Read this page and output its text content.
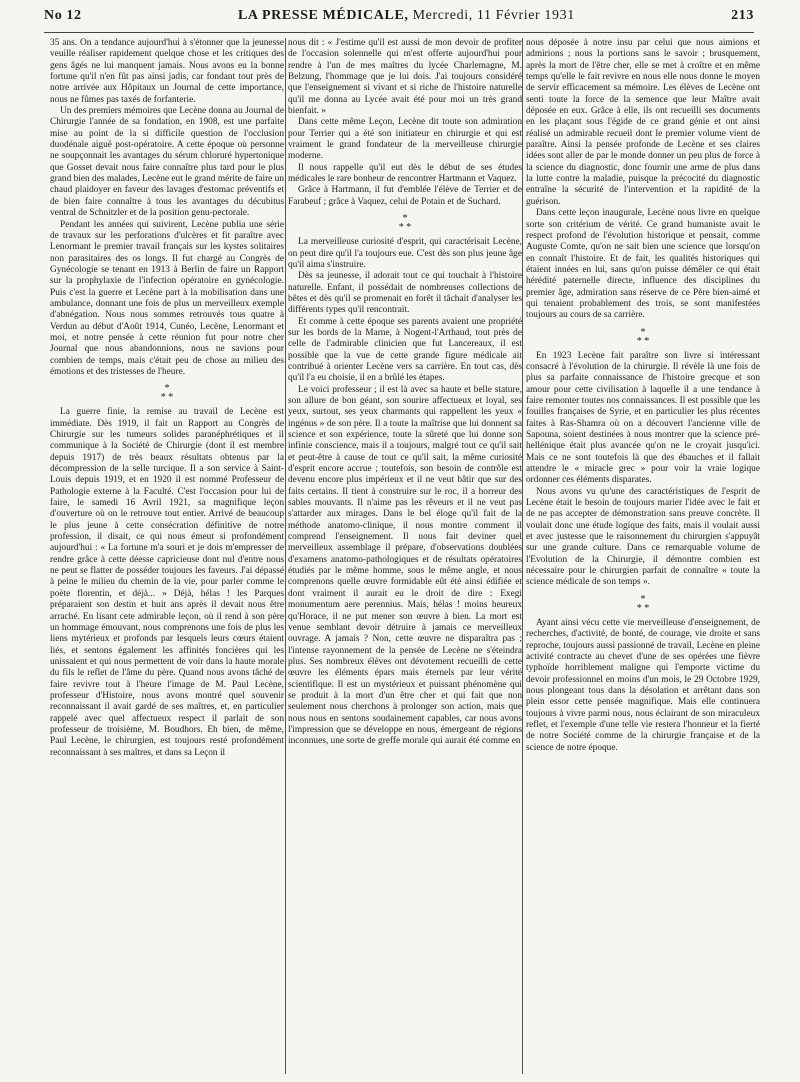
No 12	LA PRESSE MÉDICALE, Mercredi, 11 Février 1931	213

35 ans. On a tendance aujourd'hui à s'étonner que la jeunesse veuille réaliser rapidement quelque chose et les critiques des gens âgés ne lui manquent jamais. Nous avons eu la bonne fortune qu'il n'en fût pas ainsi jadis, car fondant tout près de notre arrivée aux Hôpitaux un Journal de cette importance, nous ne fûmes pas taxés de forfanterie.

Un des premiers mémoires que Lecène donna au Journal de Chirurgie l'année de sa fondation, en 1908, est une parfaite mise au point de la si difficile question de l'occlusion duodénale aiguë post-opératoire. A cette époque où personne ne soupçonnait les avantages du sérum chloruré hypertonique que Gosset devait nous faire connaître plus tard pour le plus grand bien des malades, Lecène eut le grand mérite de faire un chaud plaidoyer en faveur des lavages d'estomac préventifs et de bien faire connaître à tous les avantages du décubitus ventral de Schnitzler et de la position genu-pectorale.

Pendant les années qui suivirent, Lecène publia une série de travaux sur les perforations d'ulcères et fit paraître avec Lenormant le premier travail français sur les kystes solitaires non parasitaires des os longs. Il fut chargé au Congrès de Gynécologie se tenant en 1913 à Berlin de faire un Rapport sur la prophylaxie de l'infection opératoire en gynécologie. Puis c'est la guerre et Lecène part à la mobilisation dans une ambulance, donnant une fois de plus un merveilleux exemple d'abnégation. Nous nous sommes retrouvés tous quatre à Verdun au début d'Août 1914, Cunéo, Lecène, Lenormant et moi, et notre pensée à cette réunion fut pour notre cher Journal que nous abandonnions, nous ne savions pour combien de temps, mais c'était peu de chose au milieu des émotions et des tristesses de l'heure.

*
* *

La guerre finie, la remise au travail de Lecène est immédiate. Dès 1919, il fait un Rapport au Congrès de Chirurgie sur les tumeurs solides paranéphrétiques et il communique à la Société de Chirurgie (dont il est membre depuis 1917) de très beaux résultats obtenus par la décompression de la selle turcique. Il a son service à Saint-Louis depuis 1919, et en 1920 il est nommé Professeur de Pathologie externe à la Faculté. C'est l'occasion pour lui de faire, le samedi 16 Avril 1921, sa magnifique leçon d'ouverture où on le retrouve tout entier. Arrivé de beaucoup le plus jeune à cette consécration définitive de notre profession, il disait, ce qui nous émeut si profondément aujourd'hui : « La fortune m'a souri et je dois m'empresser de rendre grâce à cette déesse capricieuse dont nul d'entre nous ne peut se flatter de posséder toujours les faveurs. J'ai dépassé à peine le milieu du chemin de la vie, pour parler comme le poète florentin, et déjà... » Déjà, hélas ! les Parques préparaient son destin et huit ans après il devait nous être arraché. En lisant cete admirable leçon, où il rend à son père un hommage émouvant, nous comprenons une fois de plus les liens mytérieux et profonds par lesquels leurs cœurs étaient liés, et sentons également les affinités foncières qui les unissaient et qui nous permettent de voir dans la haute morale du fils le reflet de l'âme du père. Quand nous avons tâché de faire revivre tout à l'heure l'image de M. Paul Lecène, professeur d'Histoire, nous avons montré quel souvenir reconnaissant il avait gardé de ses maîtres, et, en particulier rappelé avec quel affectueux respect il parlait de son professeur de troisième, M. Boudhors. Eh bien, de même, Paul Lecène, le chirurgien, est toujours resté profondément reconnaissant à ses maîtres, et dans sa Leçon il

nous dit : « J'estime qu'il est aussi de mon devoir de profiter de l'occasion solennelle qui m'est offerte aujourd'hui pour rendre à l'un de mes maîtres du lycée Charlemagne, M. Belzung, l'hommage que je lui dois. J'ai toujours considéré que l'enseignement si vivant et si riche de l'histoire naturelle qu'il me donna au Lycée avait été pour moi un très grand bienfait. »

Dans cette même Leçon, Lecène dit toute son admiration pour Terrier qui a été son initiateur en chirurgie et qui est vraiment le grand fondateur de la merveilleuse chirurgie moderne.

Il nous rappelle qu'il eut dès le début de ses études médicales le rare bonheur de rencontrer Hartmann et Vaquez.

Grâce à Hartmann, il fut d'emblée l'élève de Terrier et de Farabeuf ; grâce à Vaquez, celui de Potain et de Suchard.

*
* *

La merveilleuse curiosité d'esprit, qui caractérisait Lecène, on peut dire qu'il l'a toujours eue. C'est dès son plus jeune âge qu'il aima s'instruire.

Dès sa jeunesse, il adorait tout ce qui touchait à l'histoire naturelle. Enfant, il possédait de nombreuses collections de bêtes et dès qu'il se promenait en forêt il tâchait d'analyser les différents types qu'il rencontrait.

Et comme à cette époque ses parents avaient une propriété sur les bords de la Marne, à Nogent-l'Arthaud, tout près de celle de l'admirable clinicien que fut Lancereaux, il est possible que la vue de cette grande figure médicale ait contribué à orienter Lecène vers sa carrière. En tout cas, dès qu'il l'a eu choisie, il en a brûlé les étapes.

Le voici professeur ; il est là avec sa haute et belle stature, son allure de bon géant, son sourire affectueux et loyal, ses yeux, surtout, ses yeux charmants qui rappellent les yeux « ingénus » de son père. Il a toute la maîtrise que lui donnent sa science et son expérience, toute la sûreté que lui donne son infinie conscience, mais il a toujours, malgré tout ce qu'il sait et peut-être à cause de tout ce qu'il sait, la même curiosité d'esprit encore accrue ; toutefois, son besoin de contrôle est devenu encore plus impérieux et il ne veut bâtir que sur des faits certains. Il tient à construire sur le roc, il a horreur des sables mouvants. Il n'aime pas les rêveurs et il ne veut pas s'attarder aux mirages. Dans le bel éloge qu'il fait de la méthode anatomo-clinique, il nous montre comment il comprend l'enseignement. Il nous fait deviner quel merveilleux assemblage il prépare, d'observations doublées d'examens anatomo-pathologiques et de résultats opératoires étudiés par le même homme, sous le même angle, et nous comprenons quelle œuvre formidable eût été ainsi édifiée et dont vraiment il aurait eu le droit de dire : Exegi monumentum aere perennius. Mais, hélas ! moins heureux qu'Horace, il ne put mener son œuvre à bien. La mort est venue semblant devoir détruire à jamais ce merveilleux ouvrage. A jamais ? Non, cette œuvre ne disparaîtra pas ; l'intense rayonnement de la pensée de Lecène ne s'éteindra plus. Ses nombreux élèves ont dévotement recueilli de cette œuvre les éléments épars mais éternels par leur vérité scientifique. Il est un mystérieux et puissant phénomène qui se produit à la mort d'un être cher et qui fait que non seulement nous cherchons à prolonger son action, mais que nous nous en sentons soudainement capables, car nous avons l'impression que se développe en nous, émergeant de régions inconnues, une sorte de greffe morale qui aurait été comme en

nous déposée à notre insu par celui que nous aimions et admirions ; nous la portions sans le savoir ; brusquement, après la mort de l'être cher, elle se met à croître et en même temps qu'elle le fait revivre en nous elle nous donne le moyen de servir efficacement sa mémoire. Les élèves de Lecène ont senti toute la force de la semence que leur Maître avait déposée en eux. Grâce à elle, ils ont recueilli ses documents en les plaçant sous l'égide de ce grand génie et ont ainsi réalisé un admirable recueil dont le premier volume vient de paraître. Ainsi la pensée profonde de Lecène et ses claires idées sont aller de par le monde donner un peu plus de force à la science du diagnostic, donc fournir une arme de plus dans la lutte contre la maladie, puisque la précocité du diagnostic entraîne la sécurité de l'intervention et la rapidité de la guérison.

Dans cette leçon inaugurale, Lecène nous livre en quelque sorte son critérium de vérité. Ce grand humaniste avait le respect profond de l'évolution historique et pensait, comme Auguste Comte, qu'on ne sait bien une science que lorsqu'on en connaît l'histoire. Et de fait, les qualités historiques qui étaient innées en lui, sans qu'on puisse démêler ce qui était hérédité paternelle directe, influence des disciplines du premier âge, admiration sans réserve de ce Père bien-aimé et qui tenaient probablement des trois, se sont manifestées toujours au cours de sa carrière.

*
* *

En 1923 Lecène fait paraître son livre si intéressant consacré à l'évolution de la chirurgie. Il révèle là une fois de plus sa parfaite connaissance de l'histoire grecque et son amour pour cette civilisation à laquelle il a une tendance à faire remonter toutes nos connaissances. Il est possible que les fouilles françaises de Syrie, et en particulier les plus récentes faites à Ras-Shamra où on a découvert l'ancienne ville de Sapouna, soient destinées à nous montrer que la science pré-hellénique était plus avancée qu'on ne le croyait jusqu'ici. Mais ce ne sont toutefois là que des ébauches et il fallait attendre le « miracle grec » pour voir la vraie logique ordonner ces éléments disparates.

Nous avons vu qu'une des caractéristiques de l'esprit de Lecène était le besoin de toujours marier l'idée avec le fait et de ne pas accepter de démonstration sans preuve concrète. Il voulait donc une étude logique des faits, mais il voulait aussi et avec justesse que le raisonnement du chirurgien s'appuyât sur une grande culture. Dans ce remarquable volume de l'Evolution de la Chirurgie, il démontre combien est nécessaire pour le chirurgien parfait de connaître « toute la science médicale de son temps ».

*
* *

Ayant ainsi vécu cette vie merveilleuse d'enseignement, de recherches, d'activité, de bonté, de courage, vie droite et sans reproche, toujours aussi passionné de travail, Lecène en pleine activité contracte au chevet d'une de ses opérées une fièvre typhoïde horriblement maligne qui l'emporte victime du devoir professionnel en moins d'un mois, le 29 Octobre 1929, nous plongeant tous dans la désolation et arrêtant dans son plein essor cette pensée magnifique. Mais elle continuera toujours à vivre parmi nous, nous éclairant de son miraculeux reflet, et l'exemple d'une telle vie restera l'honneur et la fierté de notre Société comme de la chirurgie française et de la science de notre époque.
